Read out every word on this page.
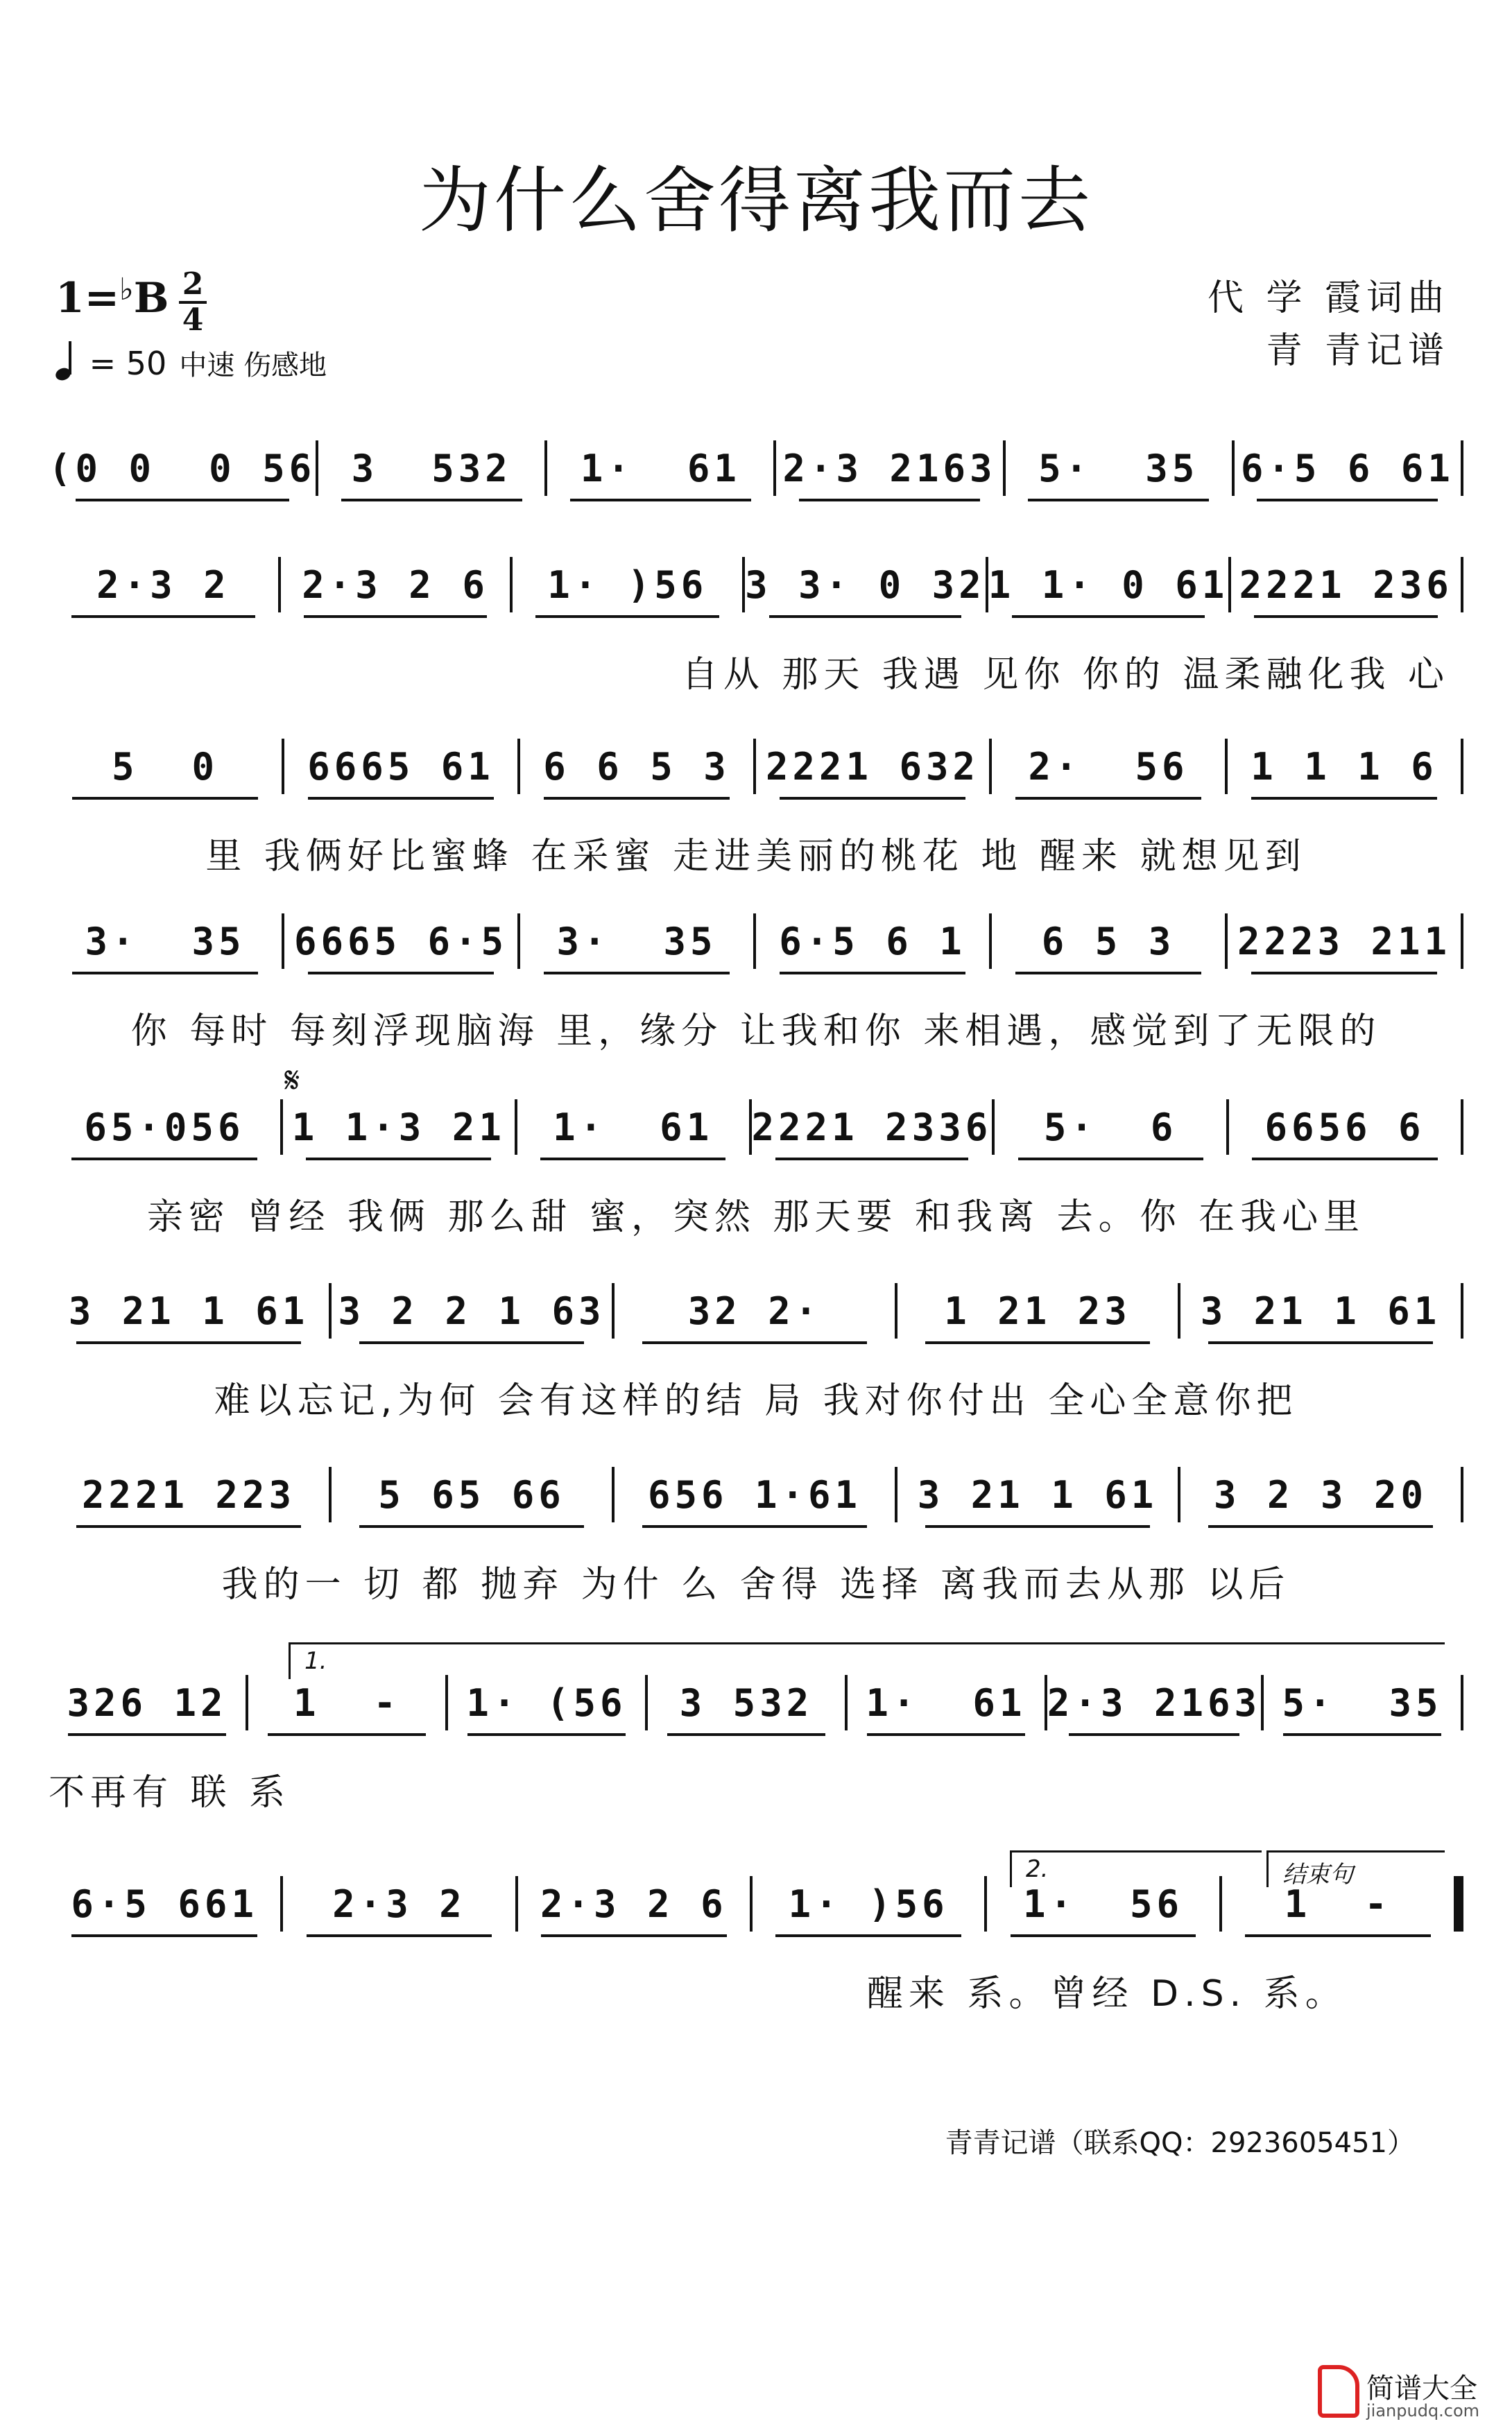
为什么舍得离我而去
1=♭B 2
4
= 50 中速 伤感地
代 学 霞词曲
青 青记谱
(0 0  0 56 3  532	1·  61	2·3 2163	5·  35	6·5 6 61
2·3 2	2·3 2 6	1· )56 3 3· 0 32 1 1· 0 61 2221 236
自从 那天 我遇 见你 你的 温柔融化我 心
5  0	6665 61	6 6 5 3 2221 632	2·  56	1 1 1 6
里 我俩好比蜜蜂 在采蜜 走进美丽的桃花 地 醒来 就想见到
3·  35	6665 6·5	3·  35	6·5 6 1	6 5 3	2223 211
你 每时 每刻浮现脑海 里，缘分 让我和你 来相遇，感觉到了无限的
65·056	1 1·3 21	1·  61	2221 2336	5·  6	6656 6
亲密 曾经 我俩 那么甜 蜜，突然 那天要 和我离 去。你 在我心里
3 21 1 61 3 2 2 1 63	32 2·	1 21 23	3 21 1 61
难以忘记,为何 会有这样的结 局 我对你付出 全心全意你把
2221 223	5 65 66	656 1·61	3 21 1 61	3 2 3 20
我的一 切 都 抛弃 为什 么 舍得 选择 离我而去从那 以后
326 12	1  -	1· (56	3 532	1·  61 2·3 2163 5·  35
不再有 联 系
6·5 661	2·3 2	2·3 2 6	1· )56	1·  56	1  -
醒来 系。曾经 D.S. 系。
𝄋
1.
2.	结束句
青青记谱（联系QQ：2923605451）
简谱大全
jianpudq.com
